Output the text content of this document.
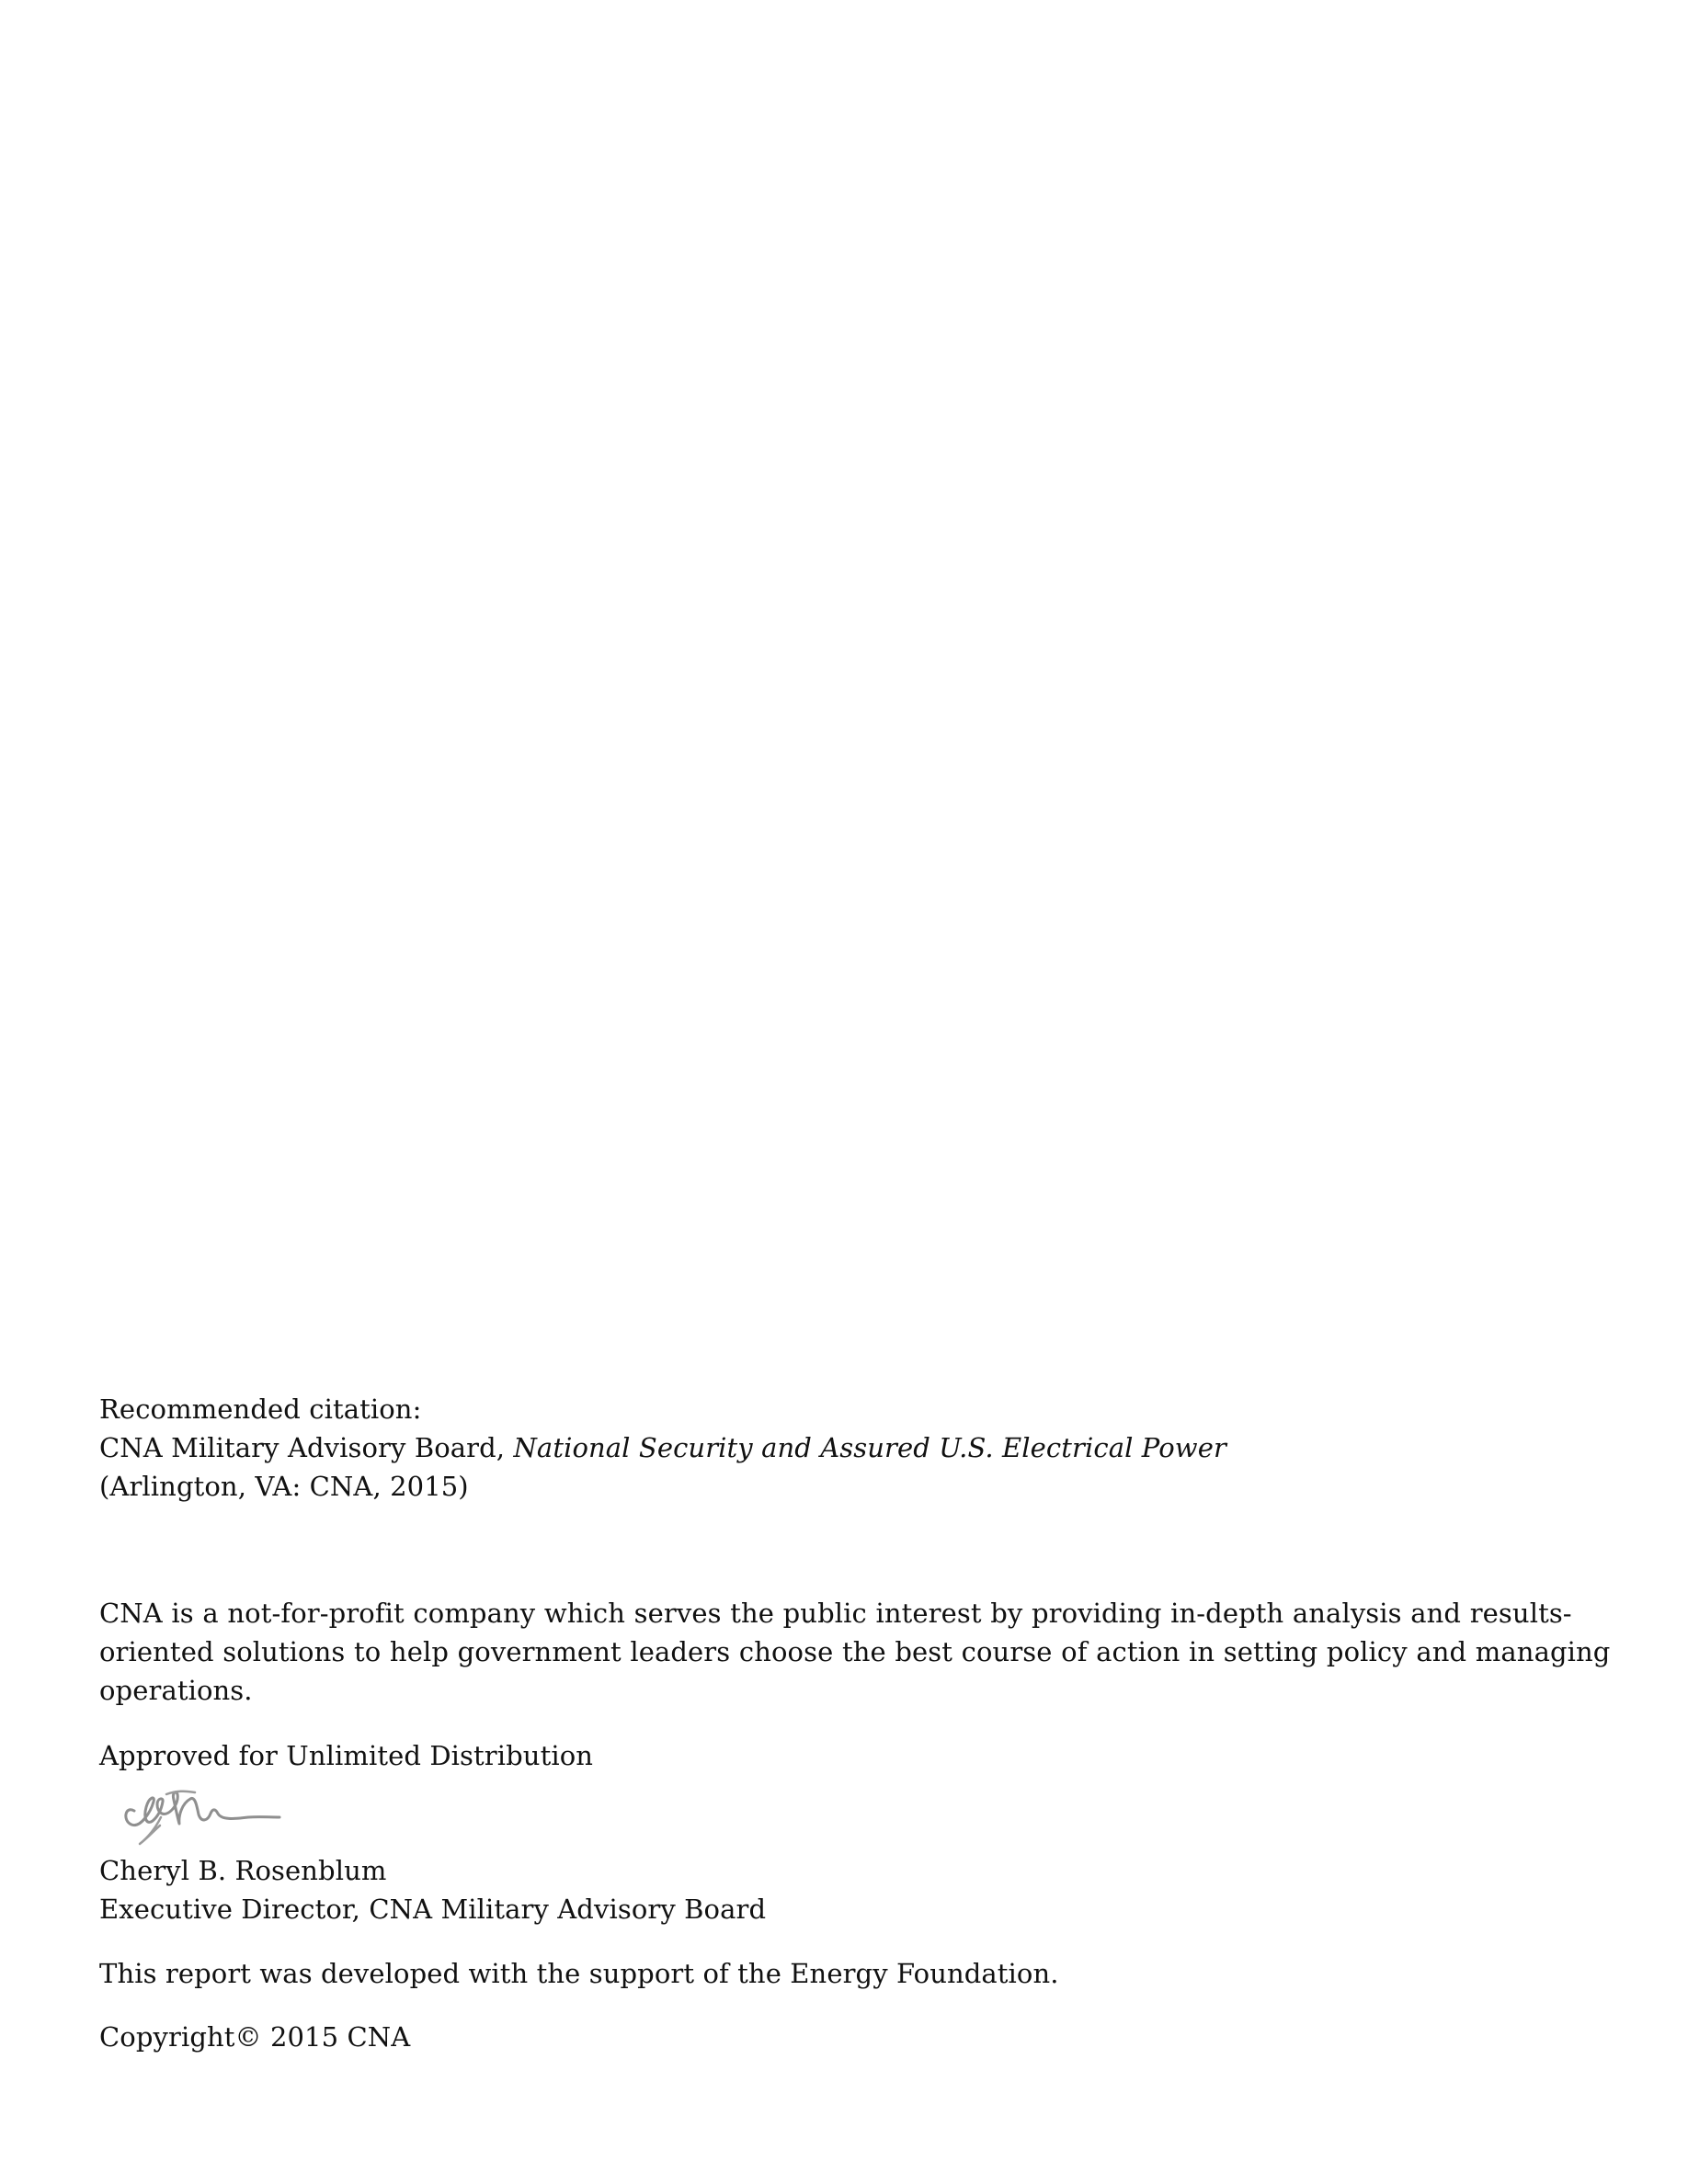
Recommended citation:
CNA Military Advisory Board, National Security and Assured U.S. Electrical Power
(Arlington, VA: CNA, 2015)
CNA is a not-for-profit company which serves the public interest by providing in-depth analysis and results-oriented solutions to help government leaders choose the best course of action in setting policy and managing operations.
Approved for Unlimited Distribution
Cheryl B. Rosenblum
Executive Director, CNA Military Advisory Board
This report was developed with the support of the Energy Foundation.
Copyright© 2015 CNA
